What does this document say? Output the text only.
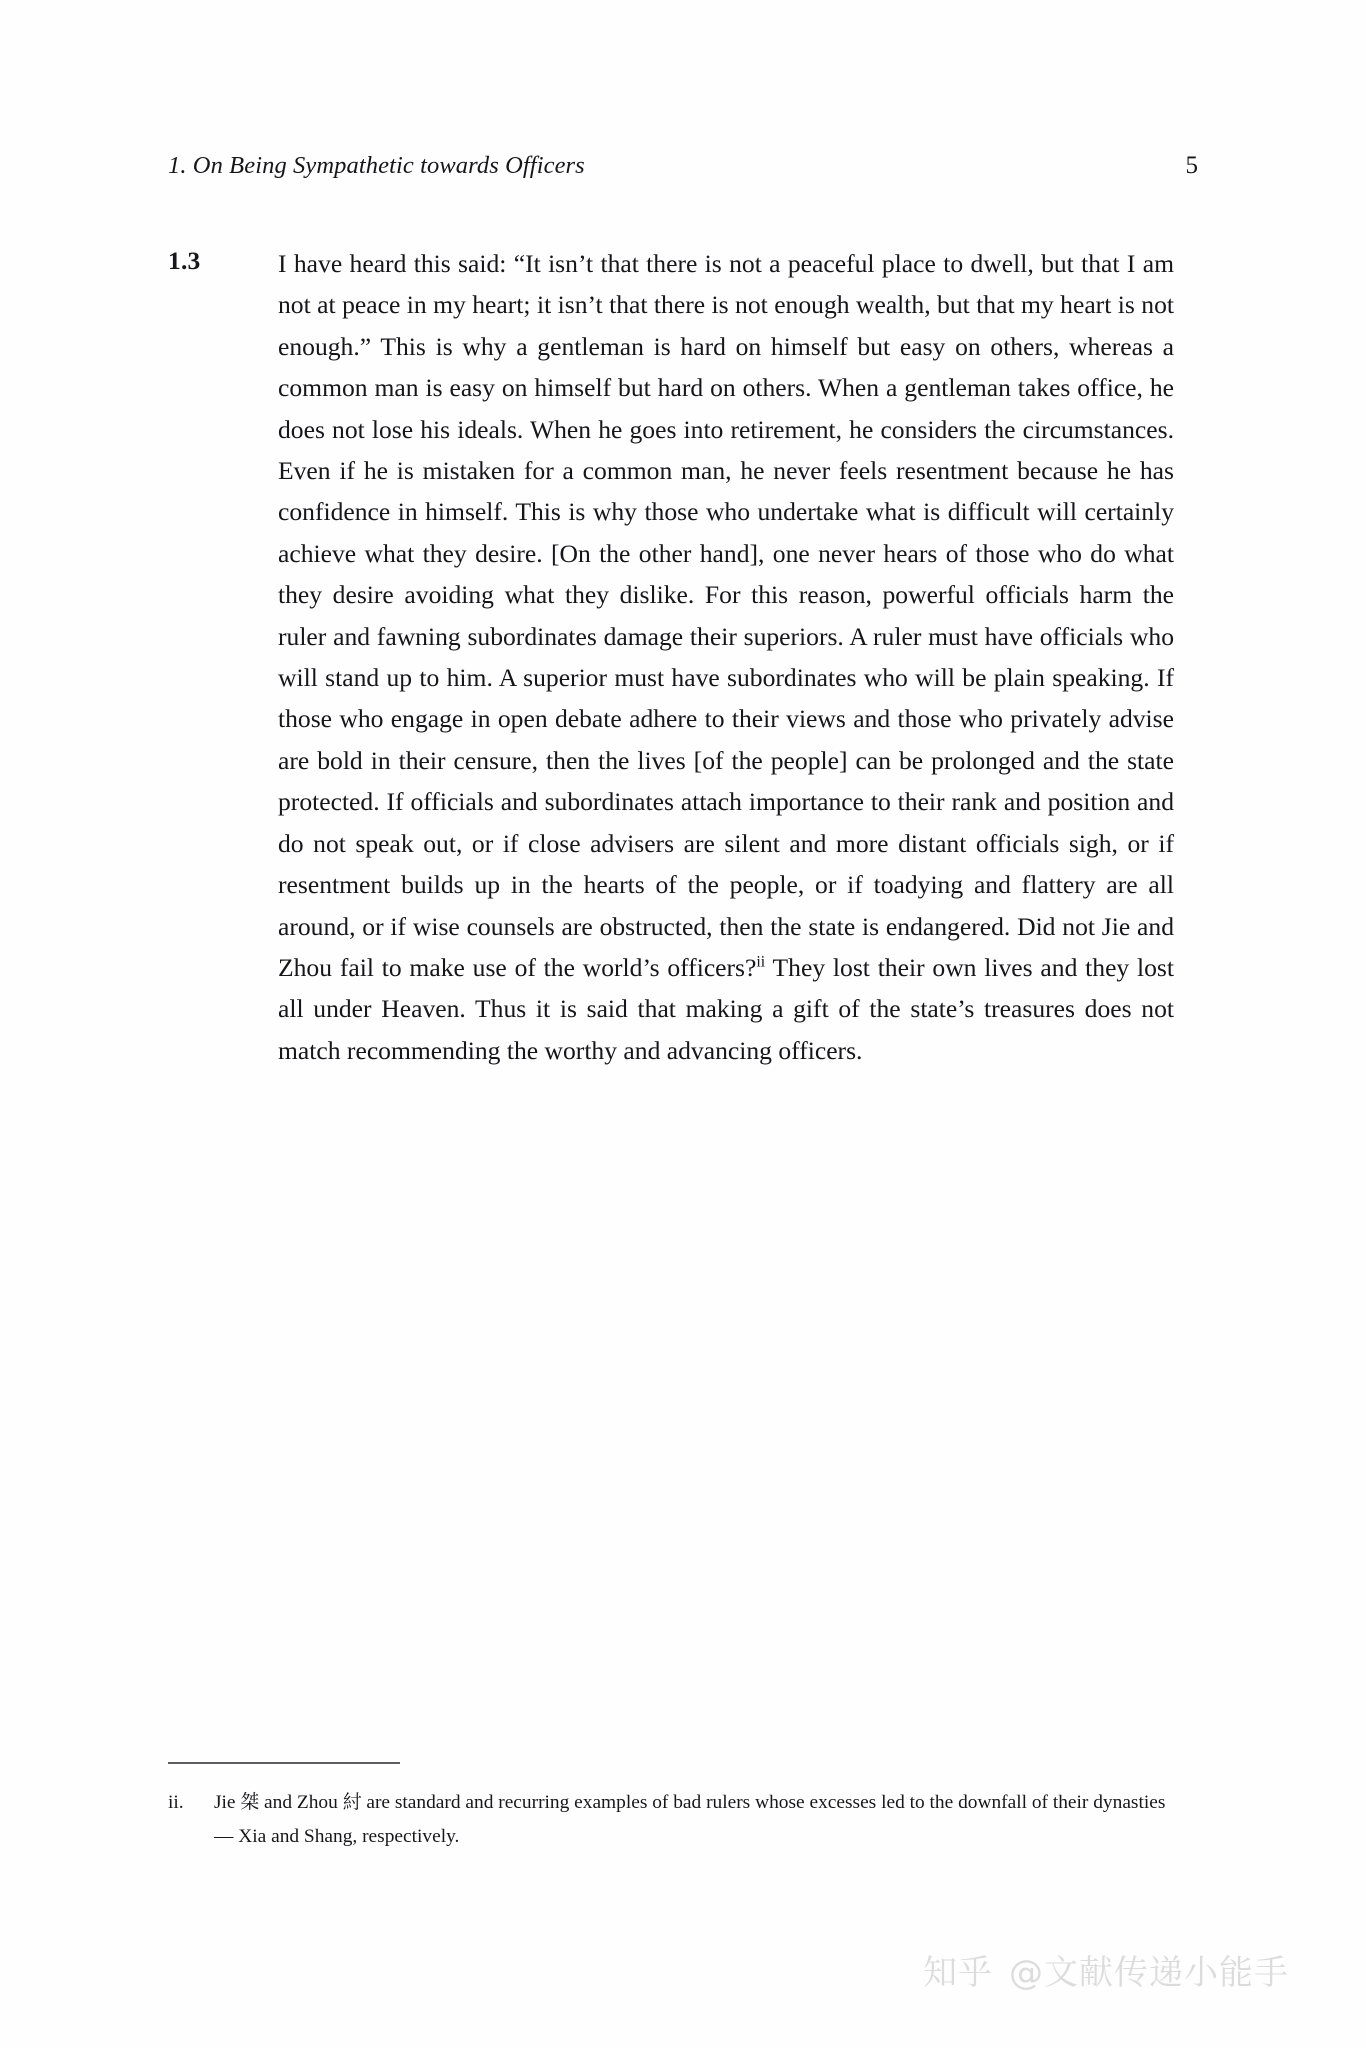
1. On Being Sympathetic towards Officers	5
1.3	I have heard this said: “It isn’t that there is not a peaceful place to dwell, but that I am not at peace in my heart; it isn’t that there is not enough wealth, but that my heart is not enough.” This is why a gentleman is hard on himself but easy on others, whereas a common man is easy on himself but hard on others. When a gentleman takes office, he does not lose his ideals. When he goes into retirement, he considers the circumstances. Even if he is mistaken for a common man, he never feels resentment because he has confidence in himself. This is why those who undertake what is difficult will certainly achieve what they desire. [On the other hand], one never hears of those who do what they desire avoiding what they dislike. For this reason, powerful officials harm the ruler and fawning subordinates damage their superiors. A ruler must have officials who will stand up to him. A superior must have subordinates who will be plain speaking. If those who engage in open debate adhere to their views and those who privately advise are bold in their censure, then the lives [of the people] can be prolonged and the state protected. If officials and subordinates attach importance to their rank and position and do not speak out, or if close advisers are silent and more distant officials sigh, or if resentment builds up in the hearts of the people, or if toadying and flattery are all around, or if wise counsels are obstructed, then the state is endangered. Did not Jie and Zhou fail to make use of the world’s officers?$^{ii}$ They lost their own lives and they lost all under Heaven. Thus it is said that making a gift of the state’s treasures does not match recommending the worthy and advancing officers.
ii.	Jie 桀 and Zhou 紂 are standard and recurring examples of bad rulers whose excesses led to the downfall of their dynasties — Xia and Shang, respectively.
知乎 @文献传递小能手
